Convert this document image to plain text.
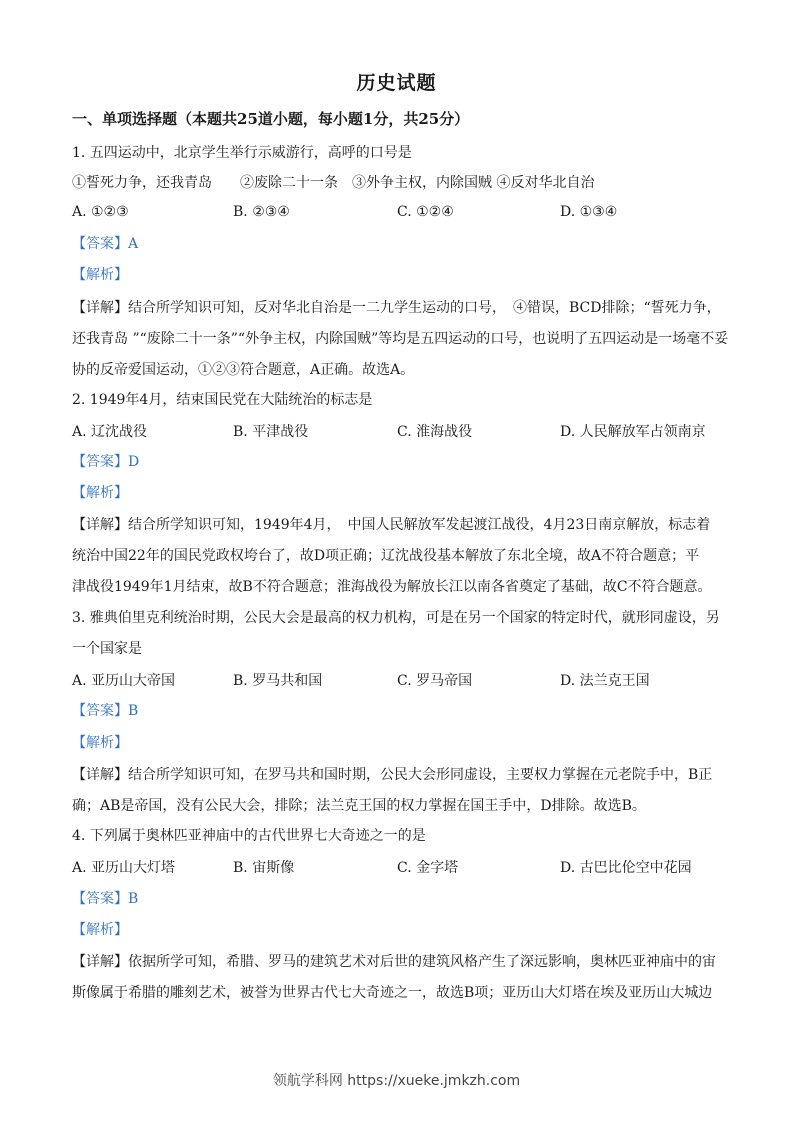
历史试题
一、单项选择题（本题共25道小题，每小题1分，共25分）
1. 五四运动中，北京学生举行示威游行，高呼的口号是
①誓死力争，还我青岛　　②废除二十一条　③外争主权，内除国贼 ④反对华北自治
A. ①②③	B. ②③④	C. ①②④	D. ①③④
【答案】A
【解析】
【详解】结合所学知识可知，反对华北自治是一二九学生运动的口号，　④错误，BCD排除；“誓死力争，
还我青岛 ”“废除二十一条”“外争主权，内除国贼”等均是五四运动的口号，也说明了五四运动是一场毫不妥
协的反帝爱国运动，①②③符合题意，A正确。故选A。
2. 1949年4月，结束国民党在大陆统治的标志是
A. 辽沈战役	B. 平津战役	C. 淮海战役	D. 人民解放军占领南京
【答案】D
【解析】
【详解】结合所学知识可知，1949年4月，　中国人民解放军发起渡江战役，4月23日南京解放，标志着
统治中国22年的国民党政权垮台了，故D项正确；辽沈战役基本解放了东北全境，故A不符合题意；平
津战役1949年1月结束，故B不符合题意；淮海战役为解放长江以南各省奠定了基础，故C不符合题意。
3. 雅典伯里克利统治时期，公民大会是最高的权力机构，可是在另一个国家的特定时代，就形同虚设，另
一个国家是
A. 亚历山大帝国	B. 罗马共和国	C. 罗马帝国	D. 法兰克王国
【答案】B
【解析】
【详解】结合所学知识可知，在罗马共和国时期，公民大会形同虚设，主要权力掌握在元老院手中，B正
确；AB是帝国，没有公民大会，排除；法兰克王国的权力掌握在国王手中，D排除。故选B。
4. 下列属于奥林匹亚神庙中的古代世界七大奇迹之一的是
A. 亚历山大灯塔	B. 宙斯像	C. 金字塔	D. 古巴比伦空中花园
【答案】B
【解析】
【详解】依据所学可知，希腊、罗马的建筑艺术对后世的建筑风格产生了深远影响，奥林匹亚神庙中的宙
斯像属于希腊的雕刻艺术，被誉为世界古代七大奇迹之一，故选B项；亚历山大灯塔在埃及亚历山大城边
领航学科网 https://xueke.jmkzh.com
